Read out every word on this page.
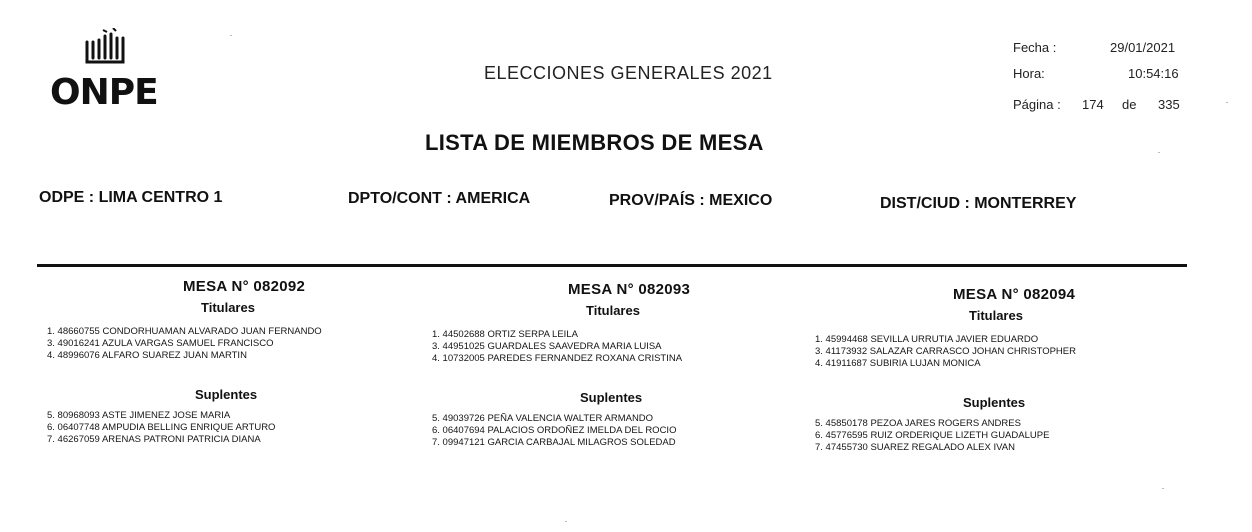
ONPE	ELECCIONES GENERALES 2021
Fecha :	29/01/2021
Hora:	10:54:16
Página : 174 de 335
LISTA DE MIEMBROS DE MESA
ODPE : LIMA CENTRO 1	DPTO/CONT : AMERICA	PROV/PAÍS : MEXICO	DIST/CIUD : MONTERREY
MESA N° 082092
Titulares
1. 48660755 CONDORHUAMAN ALVARADO JUAN FERNANDO
3. 49016241 AZULA VARGAS SAMUEL FRANCISCO
4. 48996076 ALFARO SUAREZ JUAN MARTIN
Suplentes
5. 80968093 ASTE JIMENEZ JOSE MARIA
6. 06407748 AMPUDIA BELLING ENRIQUE ARTURO
7. 46267059 ARENAS PATRONI PATRICIA DIANA
MESA N° 082093
Titulares
1. 44502688 ORTIZ SERPA LEILA
3. 44951025 GUARDALES SAAVEDRA MARIA LUISA
4. 10732005 PAREDES FERNANDEZ ROXANA CRISTINA
Suplentes
5. 49039726 PEÑA VALENCIA WALTER ARMANDO
6. 06407694 PALACIOS ORDOÑEZ IMELDA DEL ROCIO
7. 09947121 GARCIA CARBAJAL MILAGROS SOLEDAD
MESA N° 082094
Titulares
1. 45994468 SEVILLA URRUTIA JAVIER EDUARDO
3. 41173932 SALAZAR CARRASCO JOHAN CHRISTOPHER
4. 41911687 SUBIRIA LUJAN MONICA
Suplentes
5. 45850178 PEZOA JARES ROGERS ANDRES
6. 45776595 RUIZ ORDERIQUE LIZETH GUADALUPE
7. 47455730 SUAREZ REGALADO ALEX IVAN
